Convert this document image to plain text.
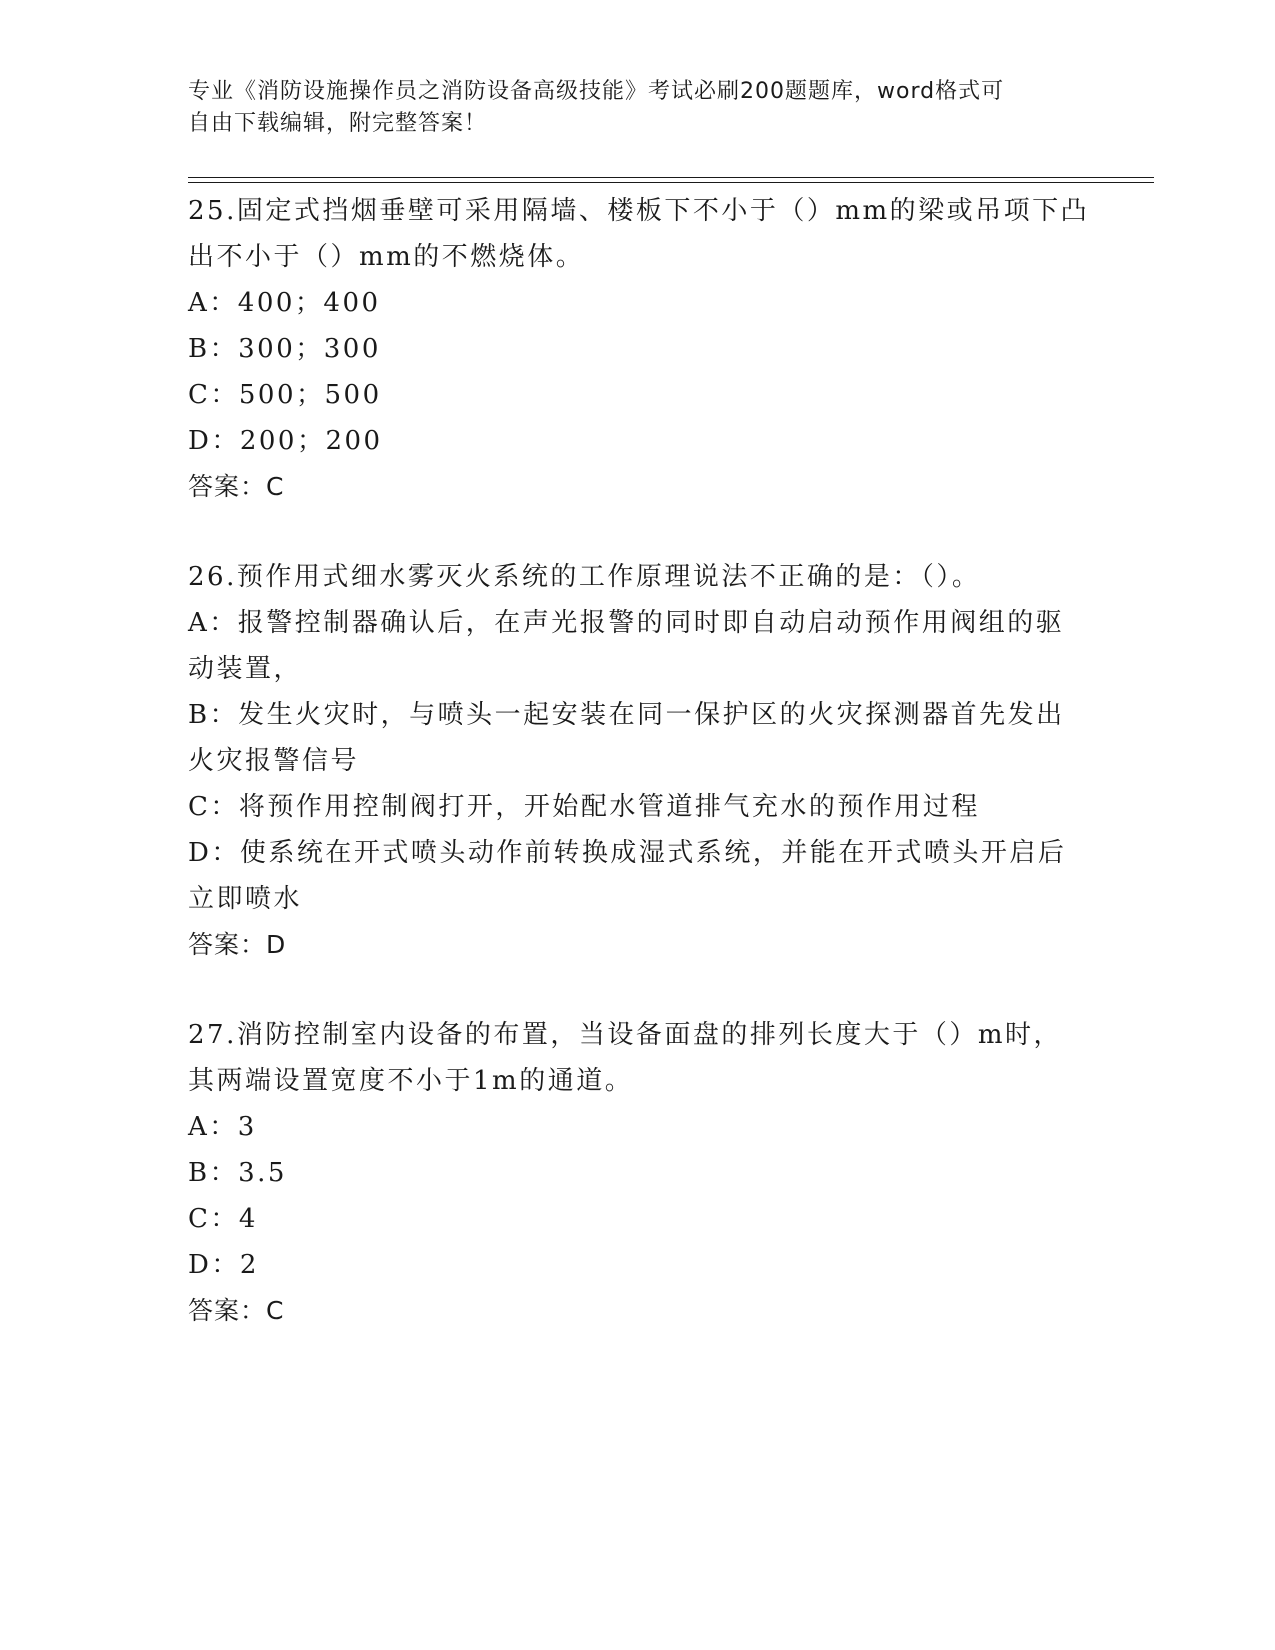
专业《消防设施操作员之消防设备高级技能》考试必刷200题题库，word格式可
自由下载编辑，附完整答案！
25.固定式挡烟垂壁可采用隔墙、楼板下不小于（）mm的梁或吊项下凸
出不小于（）mm的不燃烧体。
A：400；400
B：300；300
C：500；500
D：200；200
答案：C
26.预作用式细水雾灭火系统的工作原理说法不正确的是：（）。
A：报警控制器确认后，在声光报警的同时即自动启动预作用阀组的驱
动装置，
B：发生火灾时，与喷头一起安装在同一保护区的火灾探测器首先发出
火灾报警信号
C：将预作用控制阀打开，开始配水管道排气充水的预作用过程
D：使系统在开式喷头动作前转换成湿式系统，并能在开式喷头开启后
立即喷水
答案：D
27.消防控制室内设备的布置，当设备面盘的排列长度大于（）m时，
其两端设置宽度不小于1m的通道。
A：3
B：3.5
C：4
D：2
答案：C
